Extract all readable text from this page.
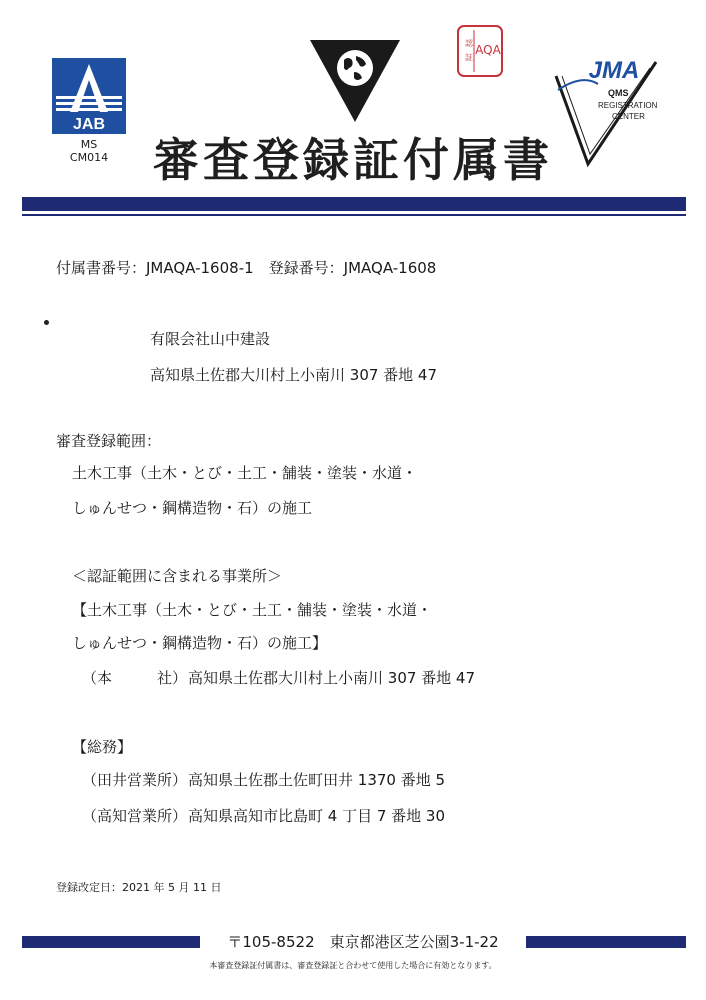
JAB
MS
CM014
認
証
AQA
JMA
QMS
REGISTRATION
CENTER
審査登録証付属書
付属書番号：JMAQA-1608-1　登録番号：JMAQA-1608
有限会社山中建設
高知県土佐郡大川村上小南川 307 番地 47
審査登録範囲：
土木工事（土木・とび・土工・舗装・塗装・水道・
しゅんせつ・鋼構造物・石）の施工
＜認証範囲に含まれる事業所＞
【土木工事（土木・とび・土工・舗装・塗装・水道・
しゅんせつ・鋼構造物・石）の施工】
（本　　　社） 高知県土佐郡大川村上小南川 307 番地 47
【総務】
（田井営業所） 高知県土佐郡土佐町田井 1370 番地 5
（高知営業所） 高知県高知市比島町 4 丁目 7 番地 30
登録改定日：2021 年 5 月 11 日
〒105-8522　東京都港区芝公園3-1-22
本審査登録証付属書は、審査登録証と合わせて使用した場合に有効となります。
